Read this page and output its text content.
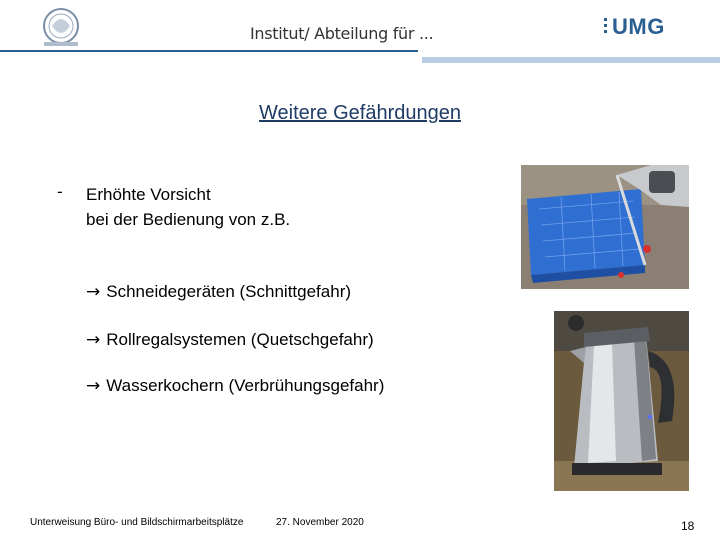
Institut/ Abteilung für ...	UMG
Weitere Gefährdungen
- Erhöhte Vorsicht
bei der Bedienung von z.B.
→ Schneidegeräten (Schnittgefahr)
→ Rollregalsystemen (Quetschgefahr)
→ Wasserkochern (Verbrühungsgefahr)
Unterweisung Büro- und Bildschirmarbeitsplätze	27. November 2020	18
